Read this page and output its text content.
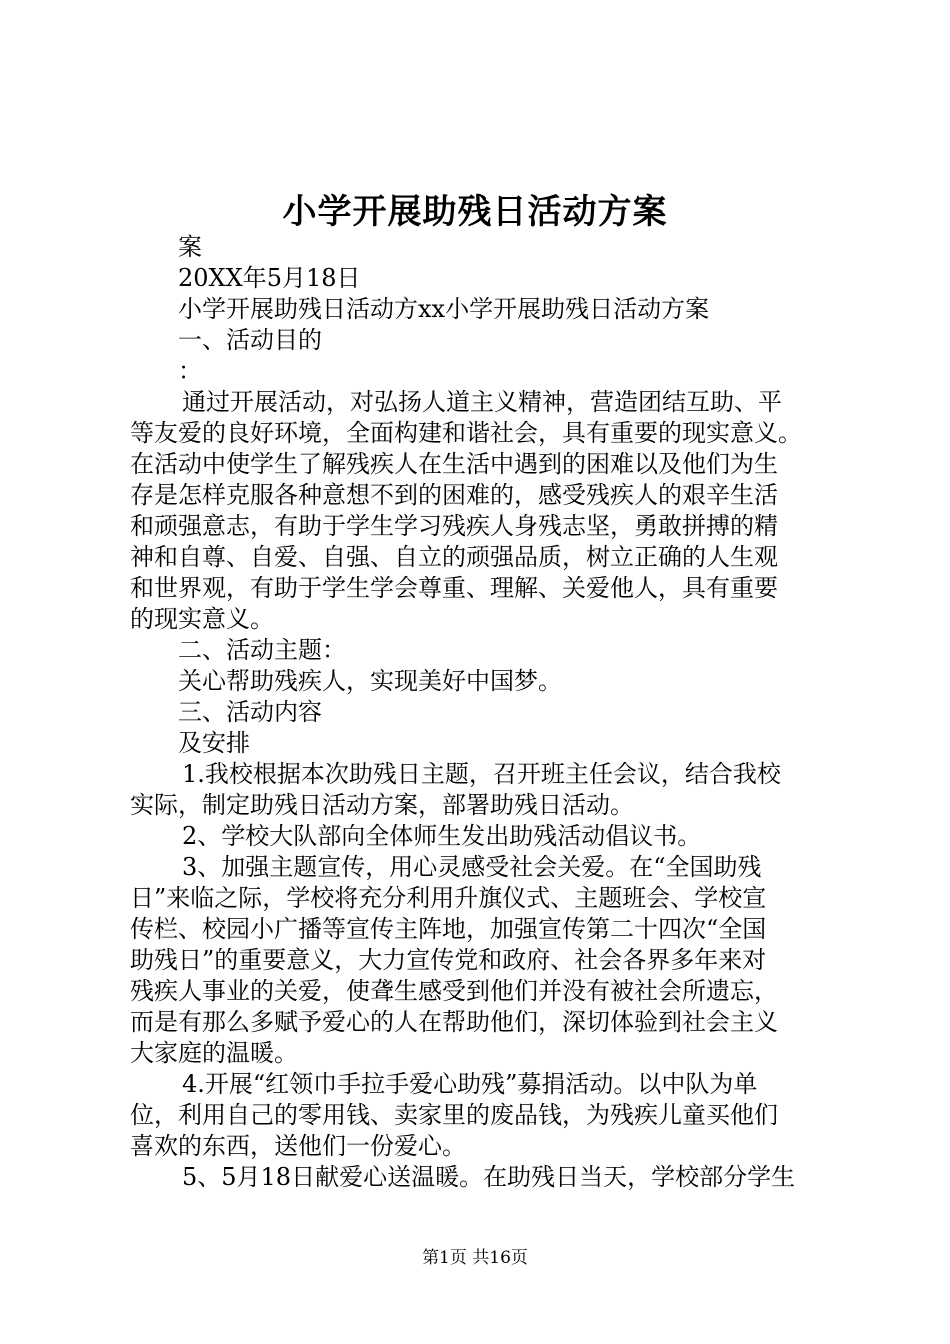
小学开展助残日活动方案
案
20XX年5月18日
小学开展助残日活动方xx小学开展助残日活动方案
一、活动目的
：
通过开展活动，对弘扬人道主义精神，营造团结互助、平
等友爱的良好环境，全面构建和谐社会，具有重要的现实意义。
在活动中使学生了解残疾人在生活中遇到的困难以及他们为生
存是怎样克服各种意想不到的困难的，感受残疾人的艰辛生活
和顽强意志，有助于学生学习残疾人身残志坚，勇敢拼搏的精
神和自尊、自爱、自强、自立的顽强品质，树立正确的人生观
和世界观，有助于学生学会尊重、理解、关爱他人，具有重要
的现实意义。
二、活动主题：
关心帮助残疾人，实现美好中国梦。
三、活动内容
及安排
1.我校根据本次助残日主题，召开班主任会议，结合我校
实际，制定助残日活动方案，部署助残日活动。
2、学校大队部向全体师生发出助残活动倡议书。
3、加强主题宣传，用心灵感受社会关爱。在“全国助残
日”来临之际，学校将充分利用升旗仪式、主题班会、学校宣
传栏、校园小广播等宣传主阵地，加强宣传第二十四次“全国
助残日”的重要意义，大力宣传党和政府、社会各界多年来对
残疾人事业的关爱，使聋生感受到他们并没有被社会所遗忘，
而是有那么多赋予爱心的人在帮助他们，深切体验到社会主义
大家庭的温暖。
4.开展“红领巾手拉手爱心助残”募捐活动。以中队为单
位，利用自己的零用钱、卖家里的废品钱，为残疾儿童买他们
喜欢的东西，送他们一份爱心。
5、5月18日献爱心送温暖。在助残日当天，学校部分学生
第1页 共16页
